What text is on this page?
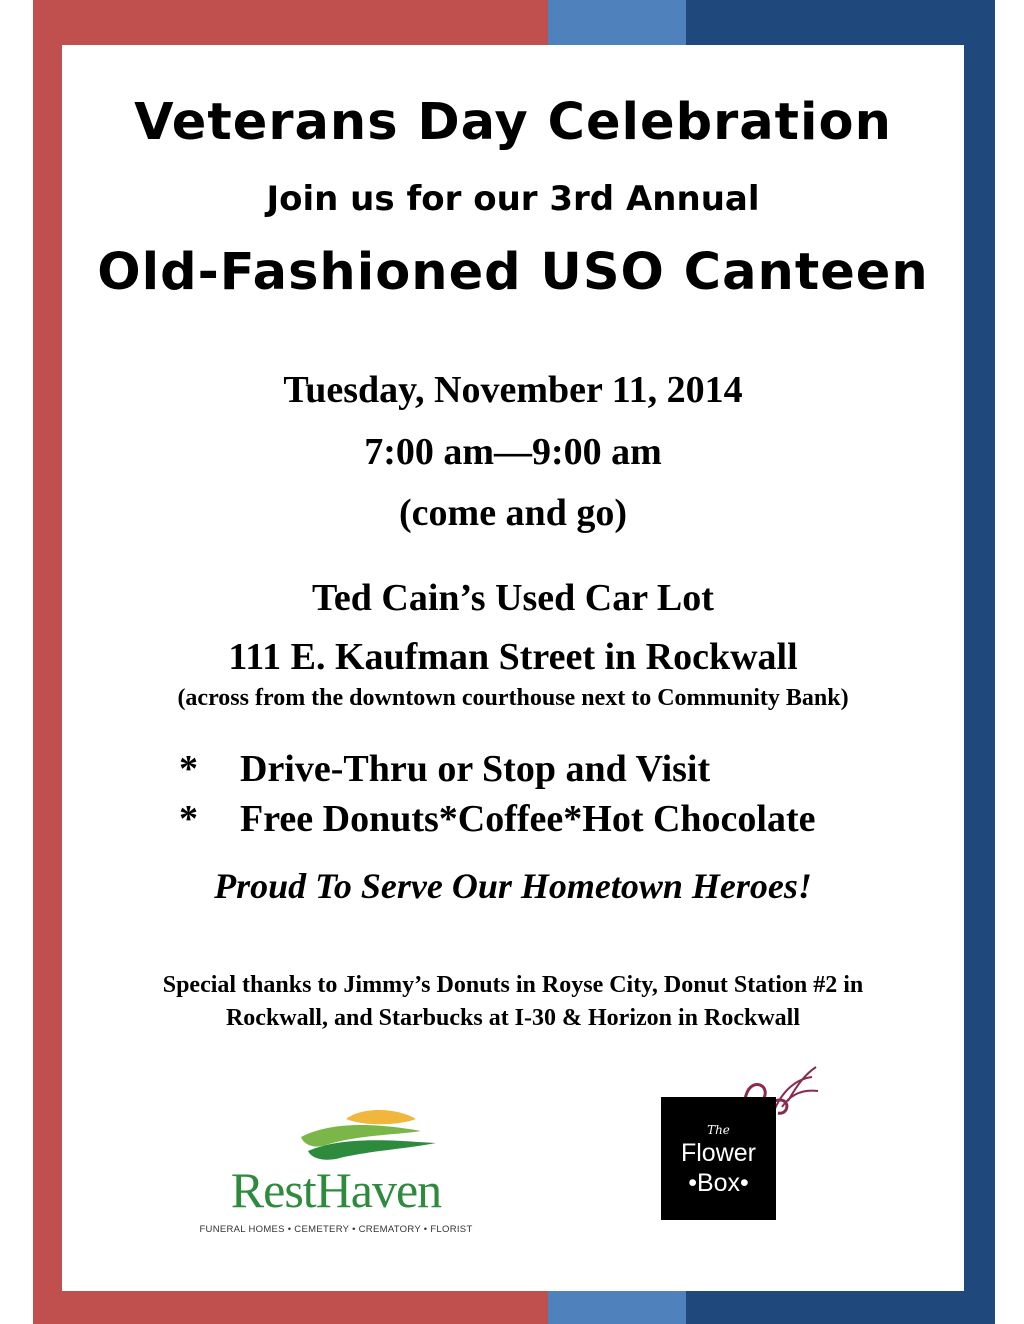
Veterans Day Celebration
Join us for our 3rd Annual
Old-Fashioned USO Canteen
Tuesday, November 11, 2014
7:00 am—9:00 am
(come and go)
Ted Cain’s Used Car Lot
111 E. Kaufman Street in Rockwall
(across from the downtown courthouse next to Community Bank)
* Drive-Thru or Stop and Visit
* Free Donuts*Coffee*Hot Chocolate
Proud To Serve Our Hometown Heroes!
Special thanks to Jimmy’s Donuts in Royse City, Donut Station #2 in
Rockwall, and Starbucks at I-30 & Horizon in Rockwall
RestHaven
FUNERAL HOMES • CEMETERY • CREMATORY • FLORIST
The
Flower
•Box•
